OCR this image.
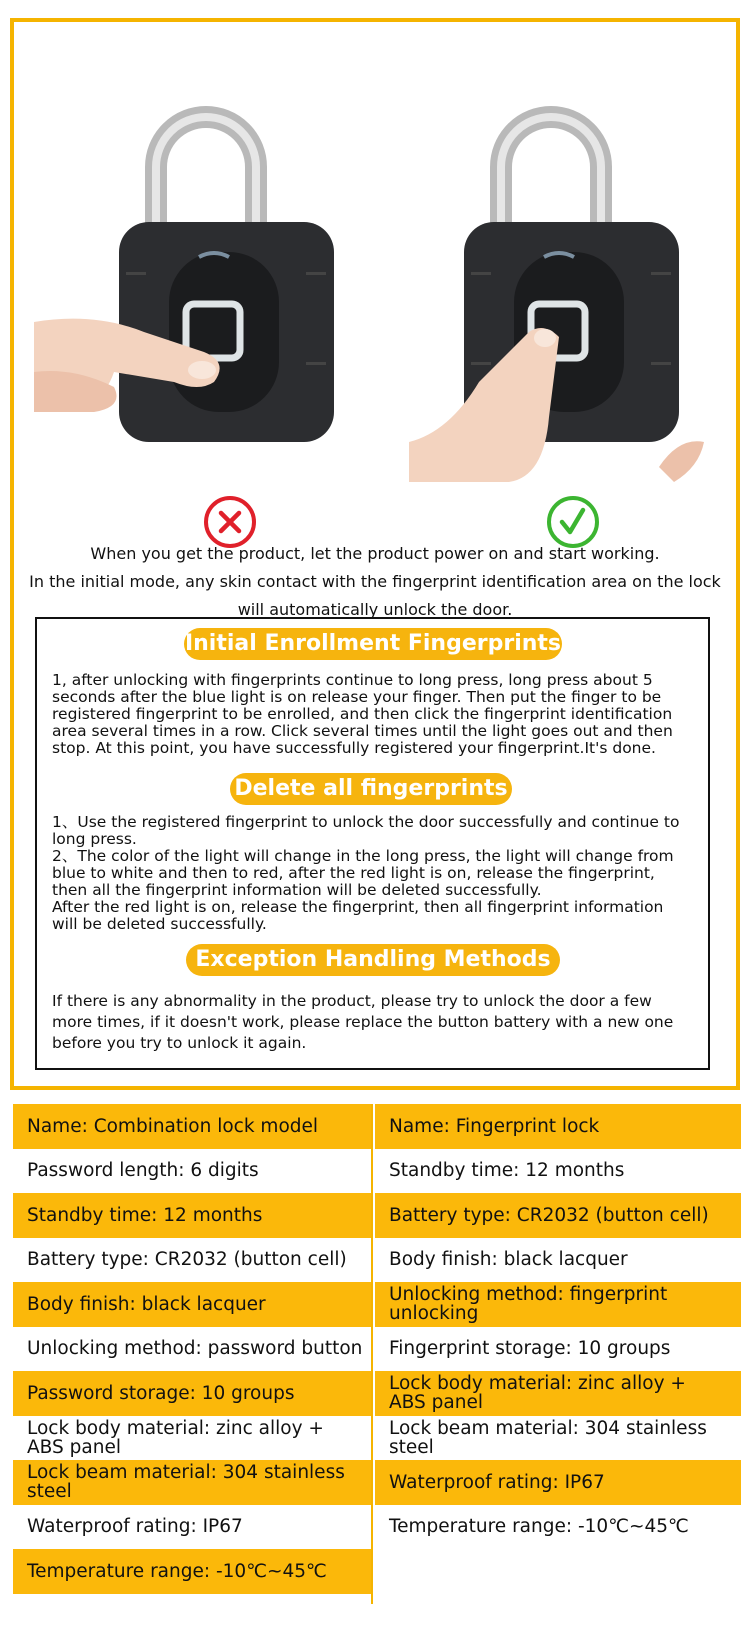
When you get the product, let the product power on and start working.
In the initial mode, any skin contact with the fingerprint identification area on the lock will automatically unlock the door.
Initial Enrollment Fingerprints
1, after unlocking with fingerprints continue to long press, long press about 5
seconds after the blue light is on release your finger. Then put the finger to be
registered fingerprint to be enrolled, and then click the fingerprint identification
area several times in a row. Click several times until the light goes out and then
stop. At this point, you have successfully registered your fingerprint.It's done.
Delete all fingerprints
1、Use the registered fingerprint to unlock the door successfully and continue to
long press.
2、The color of the light will change in the long press, the light will change from
blue to white and then to red, after the red light is on, release the fingerprint,
then all the fingerprint information will be deleted successfully.
After the red light is on, release the fingerprint, then all fingerprint information
will be deleted successfully.
Exception Handling Methods
If there is any abnormality in the product, please try to unlock the door a few
more times, if it doesn't work, please replace the button battery with a new one
before you try to unlock it again.
Name: Combination lock model
Password length: 6 digits
Standby time: 12 months
Battery type: CR2032 (button cell)
Body finish: black lacquer
Unlocking method: password button
Password storage: 10 groups
Lock body material: zinc alloy +
ABS panel
Lock beam material: 304 stainless
steel
Waterproof rating: IP67
Temperature range: -10℃~45℃
Name: Fingerprint lock
Standby time: 12 months
Battery type: CR2032 (button cell)
Body finish: black lacquer
Unlocking method: fingerprint
unlocking
Fingerprint storage: 10 groups
Lock body material: zinc alloy +
ABS panel
Lock beam material: 304 stainless
steel
Waterproof rating: IP67
Temperature range: -10℃~45℃
